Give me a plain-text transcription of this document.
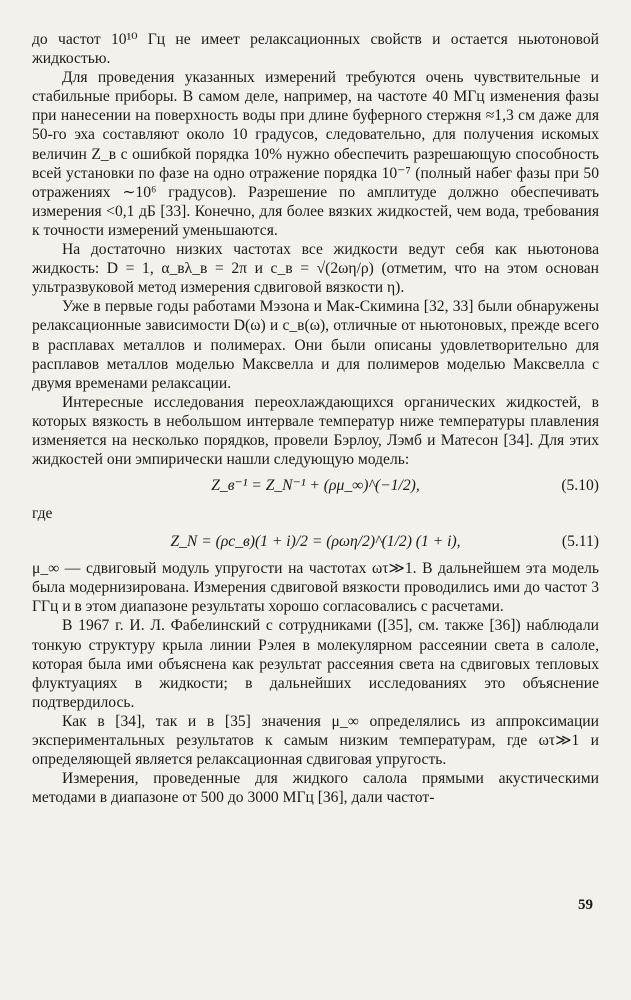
до частот 10¹⁰ Гц не имеет релаксационных свойств и остается ньютоновой жидкостью.

Для проведения указанных измерений требуются очень чувствительные и стабильные приборы. В самом деле, например, на частоте 40 МГц изменения фазы при нанесении на поверхность воды при длине буферного стержня ≈1,3 см даже для 50-го эха составляют около 10 градусов, следовательно, для получения искомых величин Z_в с ошибкой порядка 10% нужно обеспечить разрешающую способность всей установки по фазе на одно отражение порядка 10⁻⁷ (полный набег фазы при 50 отражениях ∼10⁶ градусов). Разрешение по амплитуде должно обеспечивать измерения <0,1 дБ [33]. Конечно, для более вязких жидкостей, чем вода, требования к точности измерений уменьшаются.

На достаточно низких частотах все жидкости ведут себя как ньютонова жидкость: D = 1, α_вλ_в = 2π и c_в = √(2ωη/ρ) (отметим, что на этом основан ультразвуковой метод измерения сдвиговой вязкости η).

Уже в первые годы работами Мэзона и Мак-Скимина [32, 33] были обнаружены релаксационные зависимости D(ω) и c_в(ω), отличные от ньютоновых, прежде всего в расплавах металлов и полимерах. Они были описаны удовлетворительно для расплавов металлов моделью Максвелла и для полимеров моделью Максвелла с двумя временами релаксации.

Интересные исследования переохлаждающихся органических жидкостей, в которых вязкость в небольшом интервале температур ниже температуры плавления изменяется на несколько порядков, провели Бэрлоу, Лэмб и Матесон [34]. Для этих жидкостей они эмпирически нашли следующую модель:

Z_в⁻¹ = Z_N⁻¹ + (ρμ_∞)^(−1/2),	(5.10)

где

Z_N = (ρc_в)(1 + i)/2 = (ρωη/2)^(1/2) (1 + i),	(5.11)

μ_∞ — сдвиговый модуль упругости на частотах ωτ≫1. В дальнейшем эта модель была модернизирована. Измерения сдвиговой вязкости проводились ими до частот 3 ГГц и в этом диапазоне результаты хорошо согласовались с расчетами.

В 1967 г. И. Л. Фабелинский с сотрудниками ([35], см. также [36]) наблюдали тонкую структуру крыла линии Рэлея в молекулярном рассеянии света в салоле, которая была ими объяснена как результат рассеяния света на сдвиговых тепловых флуктуациях в жидкости; в дальнейших исследованиях это объяснение подтвердилось.

Как в [34], так и в [35] значения μ_∞ определялись из аппроксимации экспериментальных результатов к самым низким температурам, где ωτ≫1 и определяющей является релаксационная сдвиговая упругость.

Измерения, проведенные для жидкого салола прямыми акустическими методами в диапазоне от 500 до 3000 МГц [36], дали частот-

59
